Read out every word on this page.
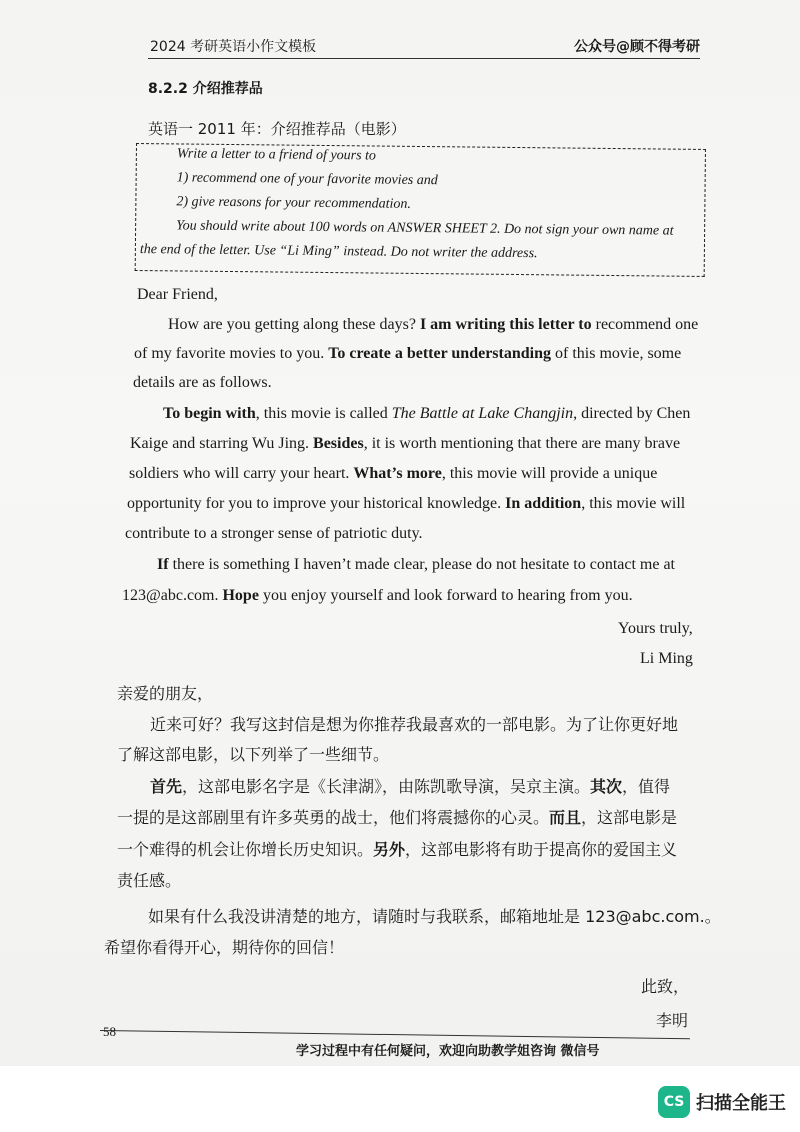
2024 考研英语小作文模板	公众号@顾不得考研
8.2.2 介绍推荐品
英语一 2011 年：介绍推荐品（电影）
Write a letter to a friend of yours to
1) recommend one of your favorite movies and
2) give reasons for your recommendation.
You should write about 100 words on ANSWER SHEET 2. Do not sign your own name at
the end of the letter. Use “Li Ming” instead. Do not writer the address.
Dear Friend,
How are you getting along these days? I am writing this letter to recommend one
of my favorite movies to you. To create a better understanding of this movie, some
details are as follows.
To begin with, this movie is called The Battle at Lake Changjin, directed by Chen
Kaige and starring Wu Jing. Besides, it is worth mentioning that there are many brave
soldiers who will carry your heart. What’s more, this movie will provide a unique
opportunity for you to improve your historical knowledge. In addition, this movie will
contribute to a stronger sense of patriotic duty.
If there is something I haven’t made clear, please do not hesitate to contact me at
123@abc.com. Hope you enjoy yourself and look forward to hearing from you.
Yours truly,
Li Ming
亲爱的朋友，
近来可好？我写这封信是想为你推荐我最喜欢的一部电影。为了让你更好地
了解这部电影，以下列举了一些细节。
首先，这部电影名字是《长津湖》，由陈凯歌导演，吴京主演。其次，值得
一提的是这部剧里有许多英勇的战士，他们将震撼你的心灵。而且，这部电影是
一个难得的机会让你增长历史知识。另外，这部电影将有助于提高你的爱国主义
责任感。
如果有什么我没讲清楚的地方，请随时与我联系，邮箱地址是 123@abc.com.。
希望你看得开心，期待你的回信！
此致，
李明
58
学习过程中有任何疑问，欢迎向助教学姐咨询 微信号
CS 扫描全能王
